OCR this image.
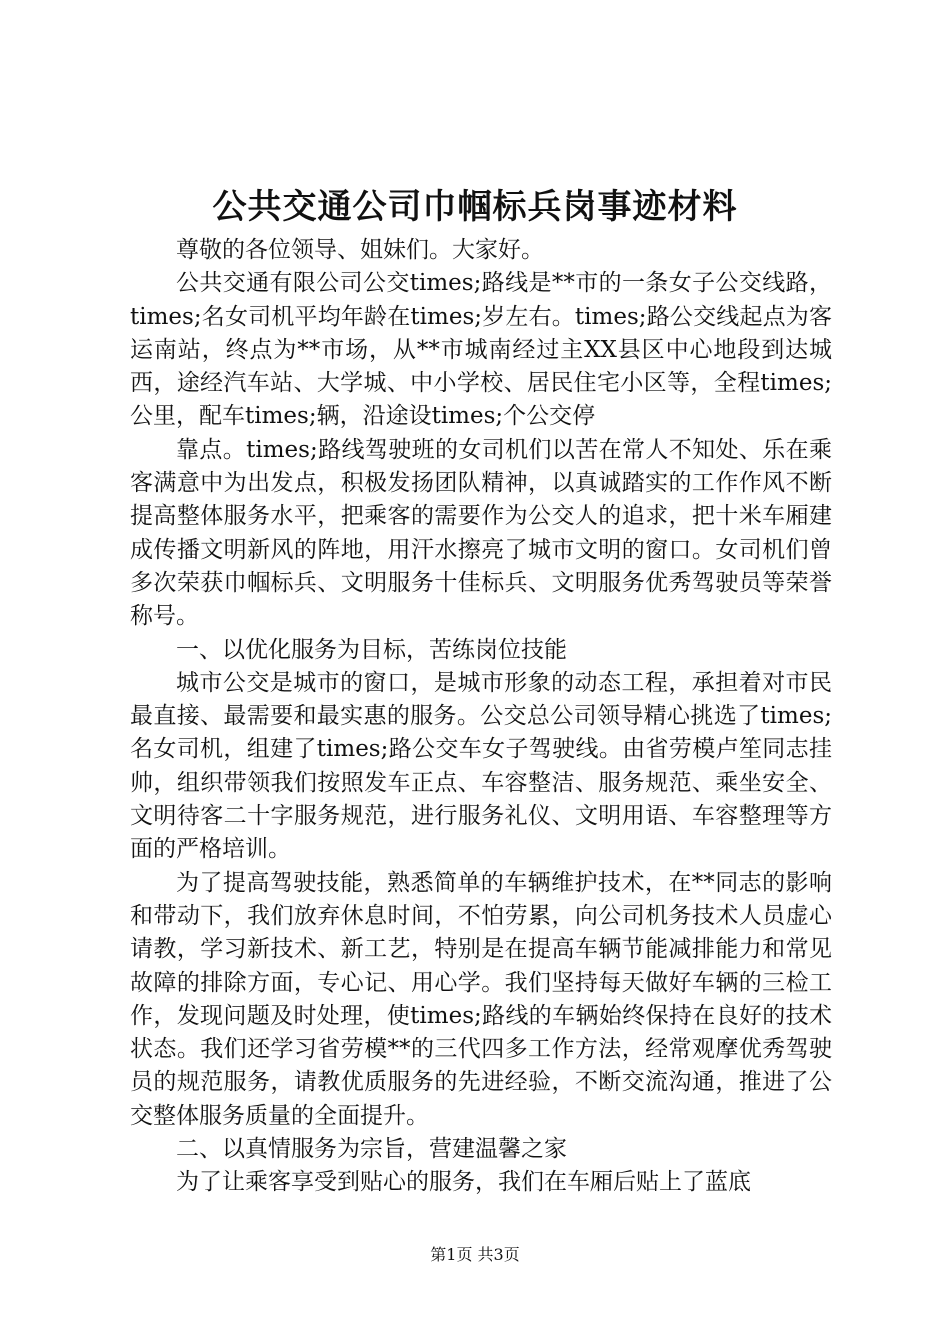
公共交通公司巾帼标兵岗事迹材料

尊敬的各位领导、姐妹们。大家好。

公共交通有限公司公交times;路线是**市的一条女子公交线路，times;名女司机平均年龄在times;岁左右。times;路公交线起点为客运南站，终点为**市场，从**市城南经过主XX县区中心地段到达城西，途经汽车站、大学城、中小学校、居民住宅小区等，全程times;公里，配车times;辆，沿途设times;个公交停

靠点。times;路线驾驶班的女司机们以苦在常人不知处、乐在乘客满意中为出发点，积极发扬团队精神，以真诚踏实的工作作风不断提高整体服务水平，把乘客的需要作为公交人的追求，把十米车厢建成传播文明新风的阵地，用汗水擦亮了城市文明的窗口。女司机们曾多次荣获巾帼标兵、文明服务十佳标兵、文明服务优秀驾驶员等荣誉称号。

一、以优化服务为目标，苦练岗位技能

城市公交是城市的窗口，是城市形象的动态工程，承担着对市民最直接、最需要和最实惠的服务。公交总公司领导精心挑选了times;名女司机，组建了times;路公交车女子驾驶线。由省劳模卢笙同志挂帅，组织带领我们按照发车正点、车容整洁、服务规范、乘坐安全、文明待客二十字服务规范，进行服务礼仪、文明用语、车容整理等方面的严格培训。

为了提高驾驶技能，熟悉简单的车辆维护技术，在**同志的影响和带动下，我们放弃休息时间，不怕劳累，向公司机务技术人员虚心请教，学习新技术、新工艺，特别是在提高车辆节能减排能力和常见故障的排除方面，专心记、用心学。我们坚持每天做好车辆的三检工作，发现问题及时处理，使times;路线的车辆始终保持在良好的技术状态。我们还学习省劳模**的三代四多工作方法，经常观摩优秀驾驶员的规范服务，请教优质服务的先进经验，不断交流沟通，推进了公交整体服务质量的全面提升。

二、以真情服务为宗旨，营建温馨之家

为了让乘客享受到贴心的服务，我们在车厢后贴上了蓝底

第1页 共3页
